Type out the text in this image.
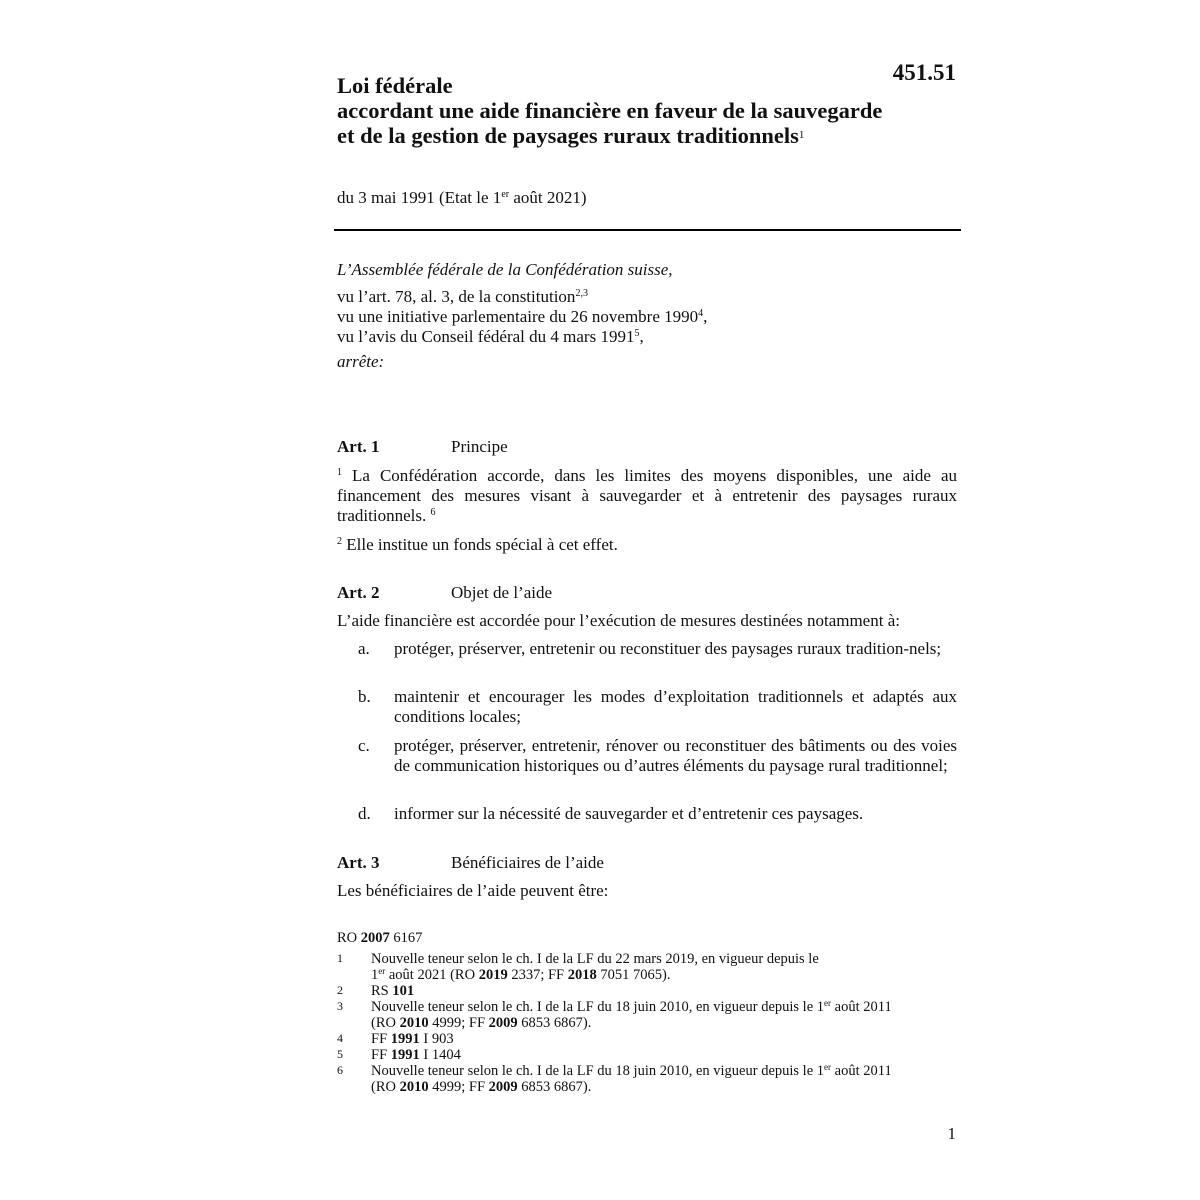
451.51
Loi fédérale
accordant une aide financière en faveur de la sauvegarde
et de la gestion de paysages ruraux traditionnels$^1$
du 3 mai 1991 (Etat le 1er août 2021)
L’Assemblée fédérale de la Confédération suisse,
vu l’art. 78, al. 3, de la constitution$^{2,3}$
vu une initiative parlementaire du 26 novembre 1990$^4$,
vu l’avis du Conseil fédéral du 4 mars 1991$^5$,
arrête:
Art. 1	Principe
$^1$ La Confédération accorde, dans les limites des moyens disponibles, une aide au financement des mesures visant à sauvegarder et à entretenir des paysages ruraux traditionnels. $^6$
$^2$ Elle institue un fonds spécial à cet effet.
Art. 2	Objet de l’aide
L’aide financière est accordée pour l’exécution de mesures destinées notamment à:
a. protéger, préserver, entretenir ou reconstituer des paysages ruraux tradition-nels;
b. maintenir et encourager les modes d’exploitation traditionnels et adaptés aux conditions locales;
c. protéger, préserver, entretenir, rénover ou reconstituer des bâtiments ou des voies de communication historiques ou d’autres éléments du paysage rural traditionnel;
d. informer sur la nécessité de sauvegarder et d’entretenir ces paysages.
Art. 3	Bénéficiaires de l’aide
Les bénéficiaires de l’aide peuvent être:
RO 2007 6167
1 Nouvelle teneur selon le ch. I de la LF du 22 mars 2019, en vigueur depuis le
1er août 2021 (RO 2019 2337; FF 2018 7051 7065).
2 RS 101
3 Nouvelle teneur selon le ch. I de la LF du 18 juin 2010, en vigueur depuis le 1er août 2011
(RO 2010 4999; FF 2009 6853 6867).
4 FF 1991 I 903
5 FF 1991 I 1404
6 Nouvelle teneur selon le ch. I de la LF du 18 juin 2010, en vigueur depuis le 1er août 2011
(RO 2010 4999; FF 2009 6853 6867).
1
